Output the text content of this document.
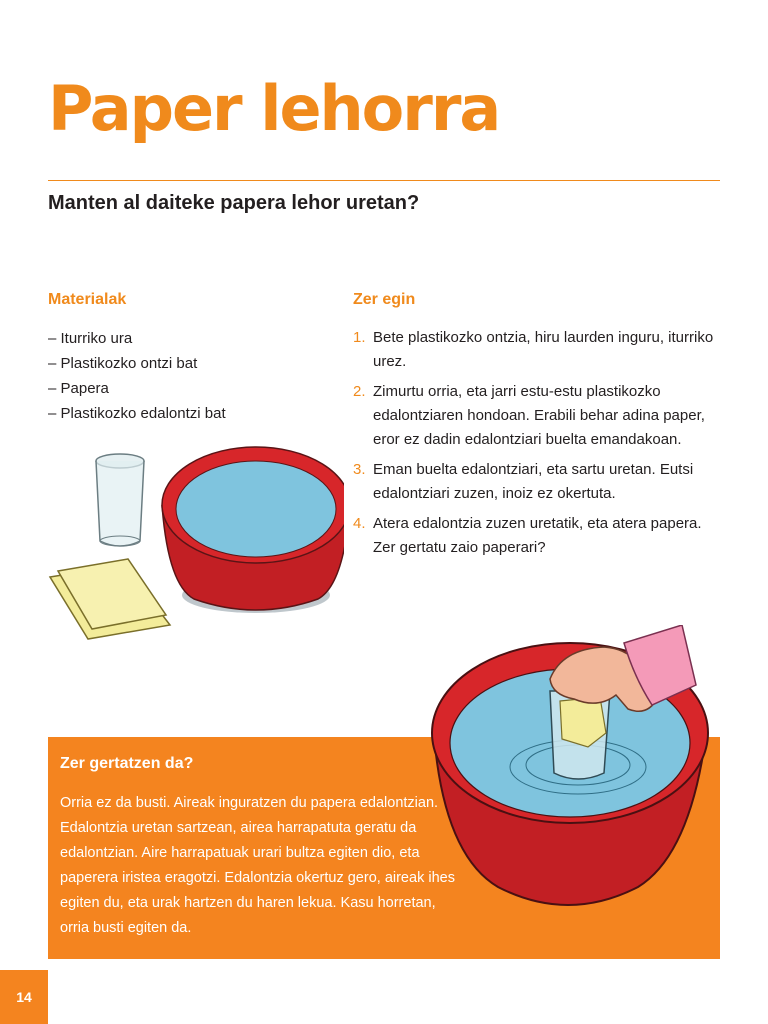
Paper lehorra
Manten al daiteke papera lehor uretan?
Materialak
– Iturriko ura
– Plastikozko ontzi bat
– Papera
– Plastikozko edalontzi bat
Zer egin
1. Bete plastikozko ontzia, hiru laurden inguru, iturriko urez.
2. Zimurtu orria, eta jarri estu-estu plastikozko edalontziaren hondoan. Erabili behar adina paper, eror ez dadin edalontziari buelta emandakoan.
3. Eman buelta edalontziari, eta sartu uretan. Eutsi edalontziari zuzen, inoiz ez okertuta.
4. Atera edalontzia zuzen uretatik, eta atera papera. Zer gertatu zaio paperari?
Zer gertatzen da?

Orria ez da busti. Aireak inguratzen du papera edalontzian. Edalontzia uretan sartzean, airea harrapatuta geratu da edalontzian. Aire harrapatuak urari bultza egiten dio, eta paperera iristea eragotzi. Edalontzia okertuz gero, aireak ihes egiten du, eta urak hartzen du haren lekua. Kasu horretan, orria busti egiten da.

14
